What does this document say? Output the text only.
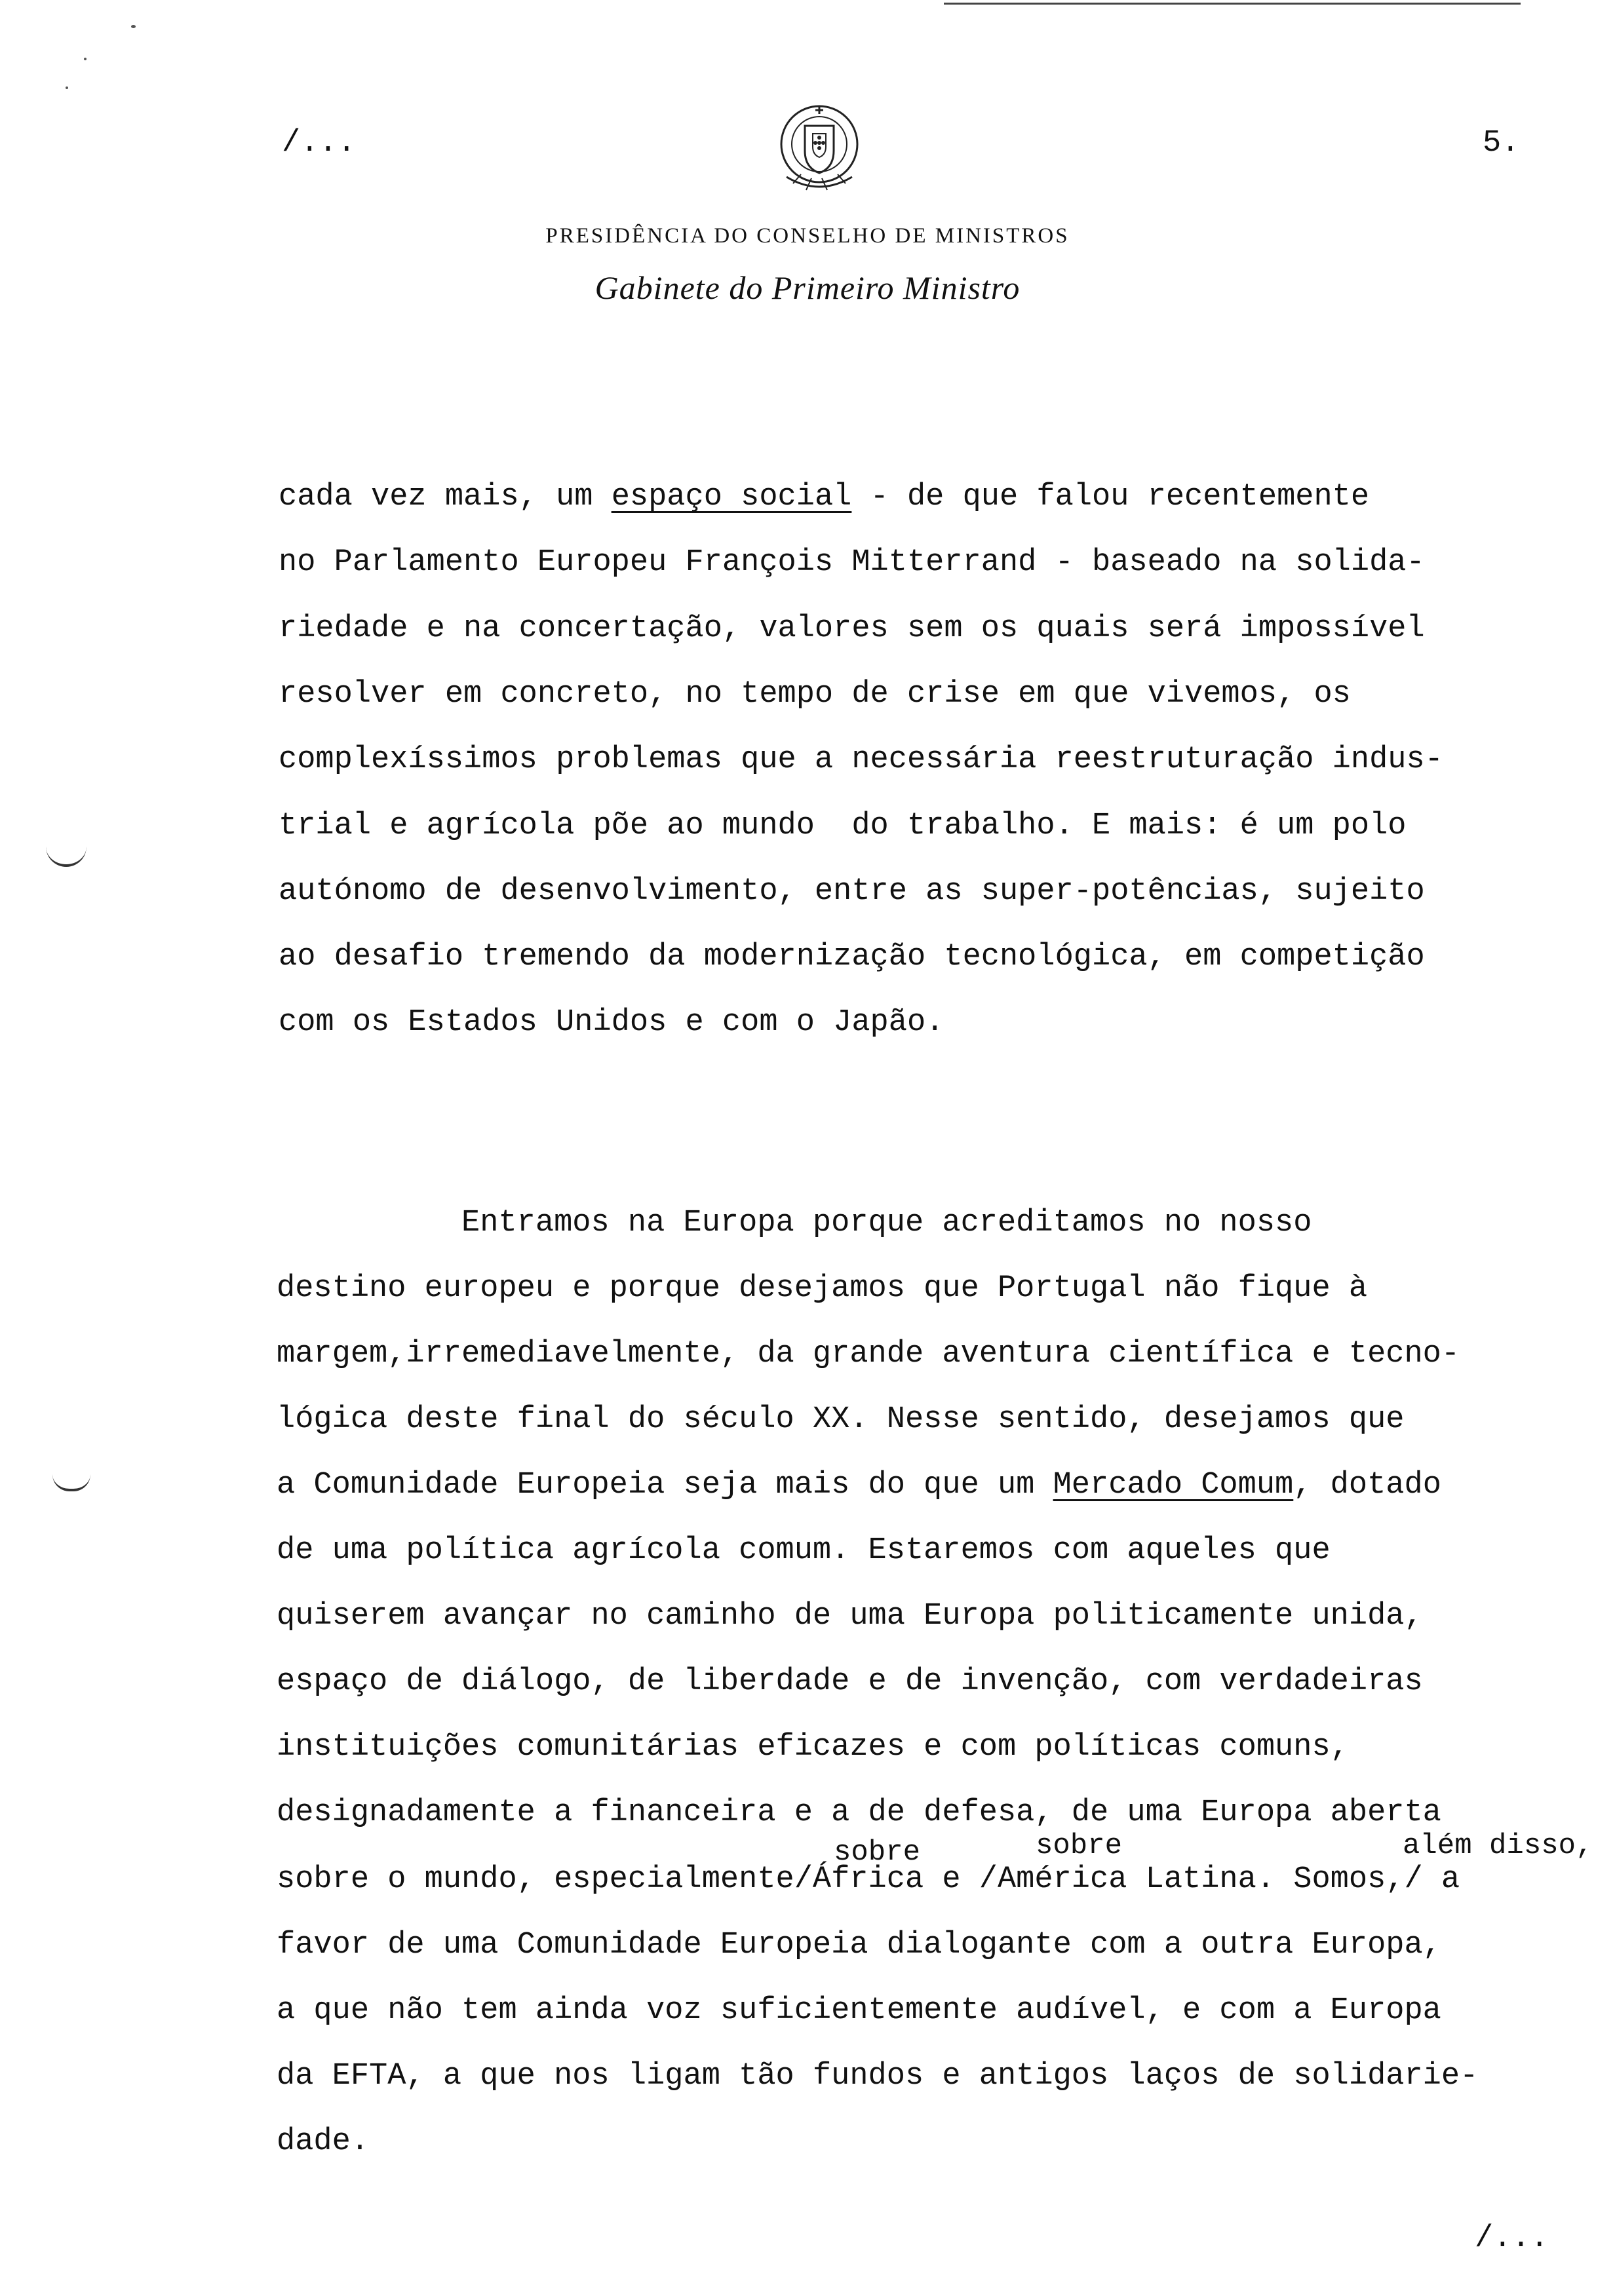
/...	5.
PRESIDÊNCIA DO CONSELHO DE MINISTROS
Gabinete do Primeiro Ministro
cada vez mais, um espaço social - de que falou recentemente
no Parlamento Europeu François Mitterrand - baseado na solida-
riedade e na concertação, valores sem os quais será impossível
resolver em concreto, no tempo de crise em que vivemos, os
complexíssimos problemas que a necessária reestruturação indus-
trial e agrícola põe ao mundo  do trabalho. E mais: é um polo
autónomo de desenvolvimento, entre as super-potências, sujeito
ao desafio tremendo da modernização tecnológica, em competição
com os Estados Unidos e com o Japão.
Entramos na Europa porque acreditamos no nosso
destino europeu e porque desejamos que Portugal não fique à
margem,irremediavelmente, da grande aventura científica e tecno-
lógica deste final do século XX. Nesse sentido, desejamos que
a Comunidade Europeia seja mais do que um Mercado Comum, dotado
de uma política agrícola comum. Estaremos com aqueles que
quiserem avançar no caminho de uma Europa politicamente unida,
espaço de diálogo, de liberdade e de invenção, com verdadeiras
instituições comunitárias eficazes e com políticas comuns,
designadamente a financeira e a de defesa, de uma Europa aberta
sobre	sobre	além disso,
sobre o mundo, especialmente/África e /América Latina. Somos,/ a
favor de uma Comunidade Europeia dialogante com a outra Europa,
a que não tem ainda voz suficientemente audível, e com a Europa
da EFTA, a que nos ligam tão fundos e antigos laços de solidarie-
dade.
/...
